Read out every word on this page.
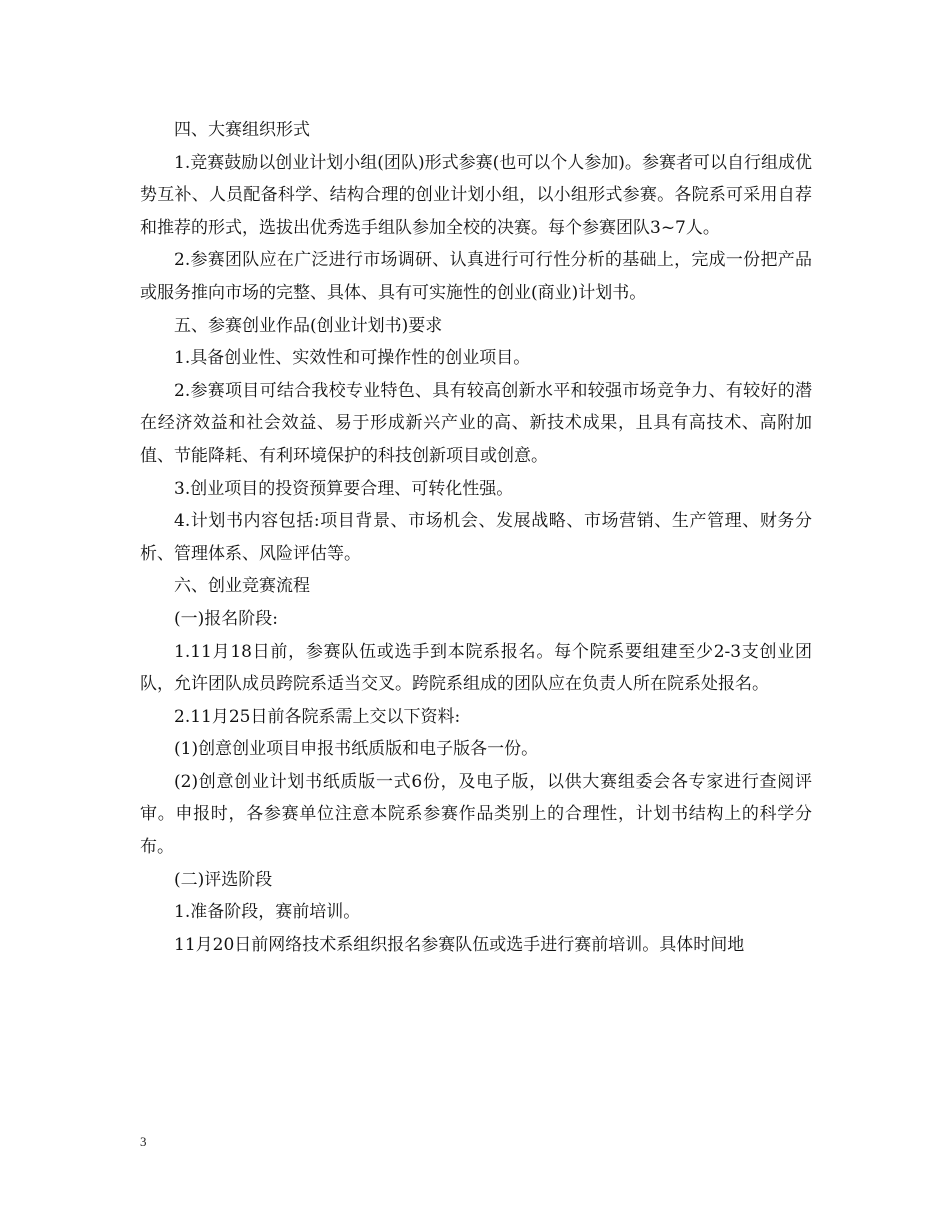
四、大赛组织形式

1.竞赛鼓励以创业计划小组(团队)形式参赛(也可以个人参加)。参赛者可以自行组成优势互补、人员配备科学、结构合理的创业计划小组，以小组形式参赛。各院系可采用自荐和推荐的形式，选拔出优秀选手组队参加全校的决赛。每个参赛团队3~7人。

2.参赛团队应在广泛进行市场调研、认真进行可行性分析的基础上，完成一份把产品或服务推向市场的完整、具体、具有可实施性的创业(商业)计划书。

五、参赛创业作品(创业计划书)要求

1.具备创业性、实效性和可操作性的创业项目。

2.参赛项目可结合我校专业特色、具有较高创新水平和较强市场竞争力、有较好的潜在经济效益和社会效益、易于形成新兴产业的高、新技术成果，且具有高技术、高附加值、节能降耗、有利环境保护的科技创新项目或创意。

3.创业项目的投资预算要合理、可转化性强。

4.计划书内容包括:项目背景、市场机会、发展战略、市场营销、生产管理、财务分析、管理体系、风险评估等。

六、创业竞赛流程

(一)报名阶段:

1.11月18日前，参赛队伍或选手到本院系报名。每个院系要组建至少2-3支创业团队，允许团队成员跨院系适当交叉。跨院系组成的团队应在负责人所在院系处报名。

2.11月25日前各院系需上交以下资料:

(1)创意创业项目申报书纸质版和电子版各一份。

(2)创意创业计划书纸质版一式6份，及电子版，以供大赛组委会各专家进行查阅评审。申报时，各参赛单位注意本院系参赛作品类别上的合理性，计划书结构上的科学分布。

(二)评选阶段

1.准备阶段，赛前培训。

11月20日前网络技术系组织报名参赛队伍或选手进行赛前培训。具体时间地

3
